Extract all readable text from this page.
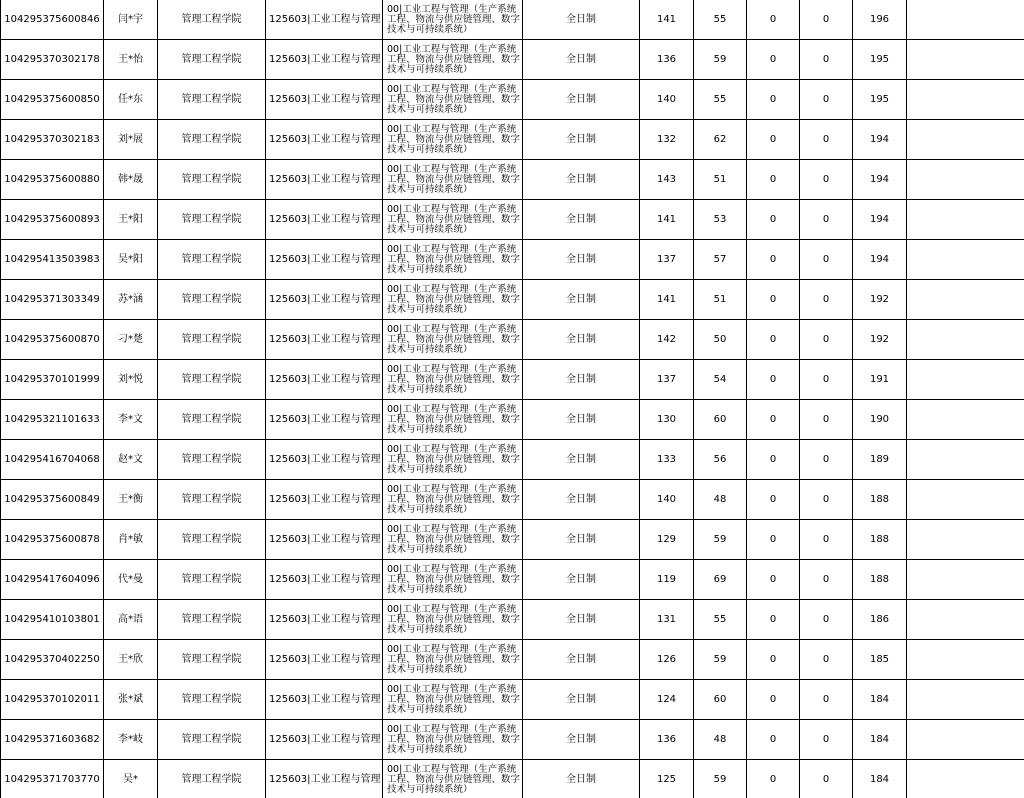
104295375600846	闫*宇	管理工程学院	125603|工业工程与管理	00|工业工程与管理（生产系统工程、物流与供应链管理、数字技术与可持续系统）	全日制	141	55	0	0	196	
104295370302178	王*怡	管理工程学院	125603|工业工程与管理	00|工业工程与管理（生产系统工程、物流与供应链管理、数字技术与可持续系统）	全日制	136	59	0	0	195	
104295375600850	任*东	管理工程学院	125603|工业工程与管理	00|工业工程与管理（生产系统工程、物流与供应链管理、数字技术与可持续系统）	全日制	140	55	0	0	195	
104295370302183	刘*展	管理工程学院	125603|工业工程与管理	00|工业工程与管理（生产系统工程、物流与供应链管理、数字技术与可持续系统）	全日制	132	62	0	0	194	
104295375600880	韩*晟	管理工程学院	125603|工业工程与管理	00|工业工程与管理（生产系统工程、物流与供应链管理、数字技术与可持续系统）	全日制	143	51	0	0	194	
104295375600893	王*阳	管理工程学院	125603|工业工程与管理	00|工业工程与管理（生产系统工程、物流与供应链管理、数字技术与可持续系统）	全日制	141	53	0	0	194	
104295413503983	吴*阳	管理工程学院	125603|工业工程与管理	00|工业工程与管理（生产系统工程、物流与供应链管理、数字技术与可持续系统）	全日制	137	57	0	0	194	
104295371303349	苏*涵	管理工程学院	125603|工业工程与管理	00|工业工程与管理（生产系统工程、物流与供应链管理、数字技术与可持续系统）	全日制	141	51	0	0	192	
104295375600870	刁*楚	管理工程学院	125603|工业工程与管理	00|工业工程与管理（生产系统工程、物流与供应链管理、数字技术与可持续系统）	全日制	142	50	0	0	192	
104295370101999	刘*悦	管理工程学院	125603|工业工程与管理	00|工业工程与管理（生产系统工程、物流与供应链管理、数字技术与可持续系统）	全日制	137	54	0	0	191	
104295321101633	李*文	管理工程学院	125603|工业工程与管理	00|工业工程与管理（生产系统工程、物流与供应链管理、数字技术与可持续系统）	全日制	130	60	0	0	190	
104295416704068	赵*文	管理工程学院	125603|工业工程与管理	00|工业工程与管理（生产系统工程、物流与供应链管理、数字技术与可持续系统）	全日制	133	56	0	0	189	
104295375600849	王*衡	管理工程学院	125603|工业工程与管理	00|工业工程与管理（生产系统工程、物流与供应链管理、数字技术与可持续系统）	全日制	140	48	0	0	188	
104295375600878	肖*敏	管理工程学院	125603|工业工程与管理	00|工业工程与管理（生产系统工程、物流与供应链管理、数字技术与可持续系统）	全日制	129	59	0	0	188	
104295417604096	代*曼	管理工程学院	125603|工业工程与管理	00|工业工程与管理（生产系统工程、物流与供应链管理、数字技术与可持续系统）	全日制	119	69	0	0	188	
104295410103801	高*语	管理工程学院	125603|工业工程与管理	00|工业工程与管理（生产系统工程、物流与供应链管理、数字技术与可持续系统）	全日制	131	55	0	0	186	
104295370402250	王*欣	管理工程学院	125603|工业工程与管理	00|工业工程与管理（生产系统工程、物流与供应链管理、数字技术与可持续系统）	全日制	126	59	0	0	185	
104295370102011	张*斌	管理工程学院	125603|工业工程与管理	00|工业工程与管理（生产系统工程、物流与供应链管理、数字技术与可持续系统）	全日制	124	60	0	0	184	
104295371603682	李*岐	管理工程学院	125603|工业工程与管理	00|工业工程与管理（生产系统工程、物流与供应链管理、数字技术与可持续系统）	全日制	136	48	0	0	184	
104295371703770	吴*	管理工程学院	125603|工业工程与管理	00|工业工程与管理（生产系统工程、物流与供应链管理、数字技术与可持续系统）	全日制	125	59	0	0	184	
